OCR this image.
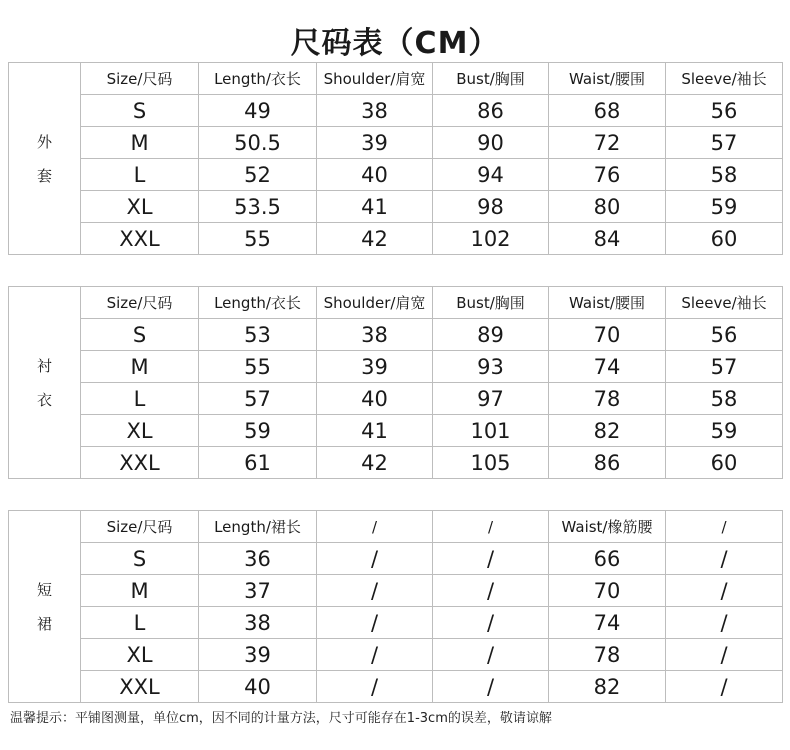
尺码表（CM）
外
套	Size/尺码	Length/衣长	Shoulder/肩宽	Bust/胸围	Waist/腰围	Sleeve/袖长
	S	49	38	86	68	56
	M	50.5	39	90	72	57
	L	52	40	94	76	58
	XL	53.5	41	98	80	59
	XXL	55	42	102	84	60
衬
衣	Size/尺码	Length/衣长	Shoulder/肩宽	Bust/胸围	Waist/腰围	Sleeve/袖长
	S	53	38	89	70	56
	M	55	39	93	74	57
	L	57	40	97	78	58
	XL	59	41	101	82	59
	XXL	61	42	105	86	60
短
裙	Size/尺码	Length/裙长	/	/	Waist/橡筋腰	/
	S	36	/	/	66	/
	M	37	/	/	70	/
	L	38	/	/	74	/
	XL	39	/	/	78	/
	XXL	40	/	/	82	/
温馨提示：平铺图测量，单位cm，因不同的计量方法，尺寸可能存在1-3cm的误差，敬请谅解
